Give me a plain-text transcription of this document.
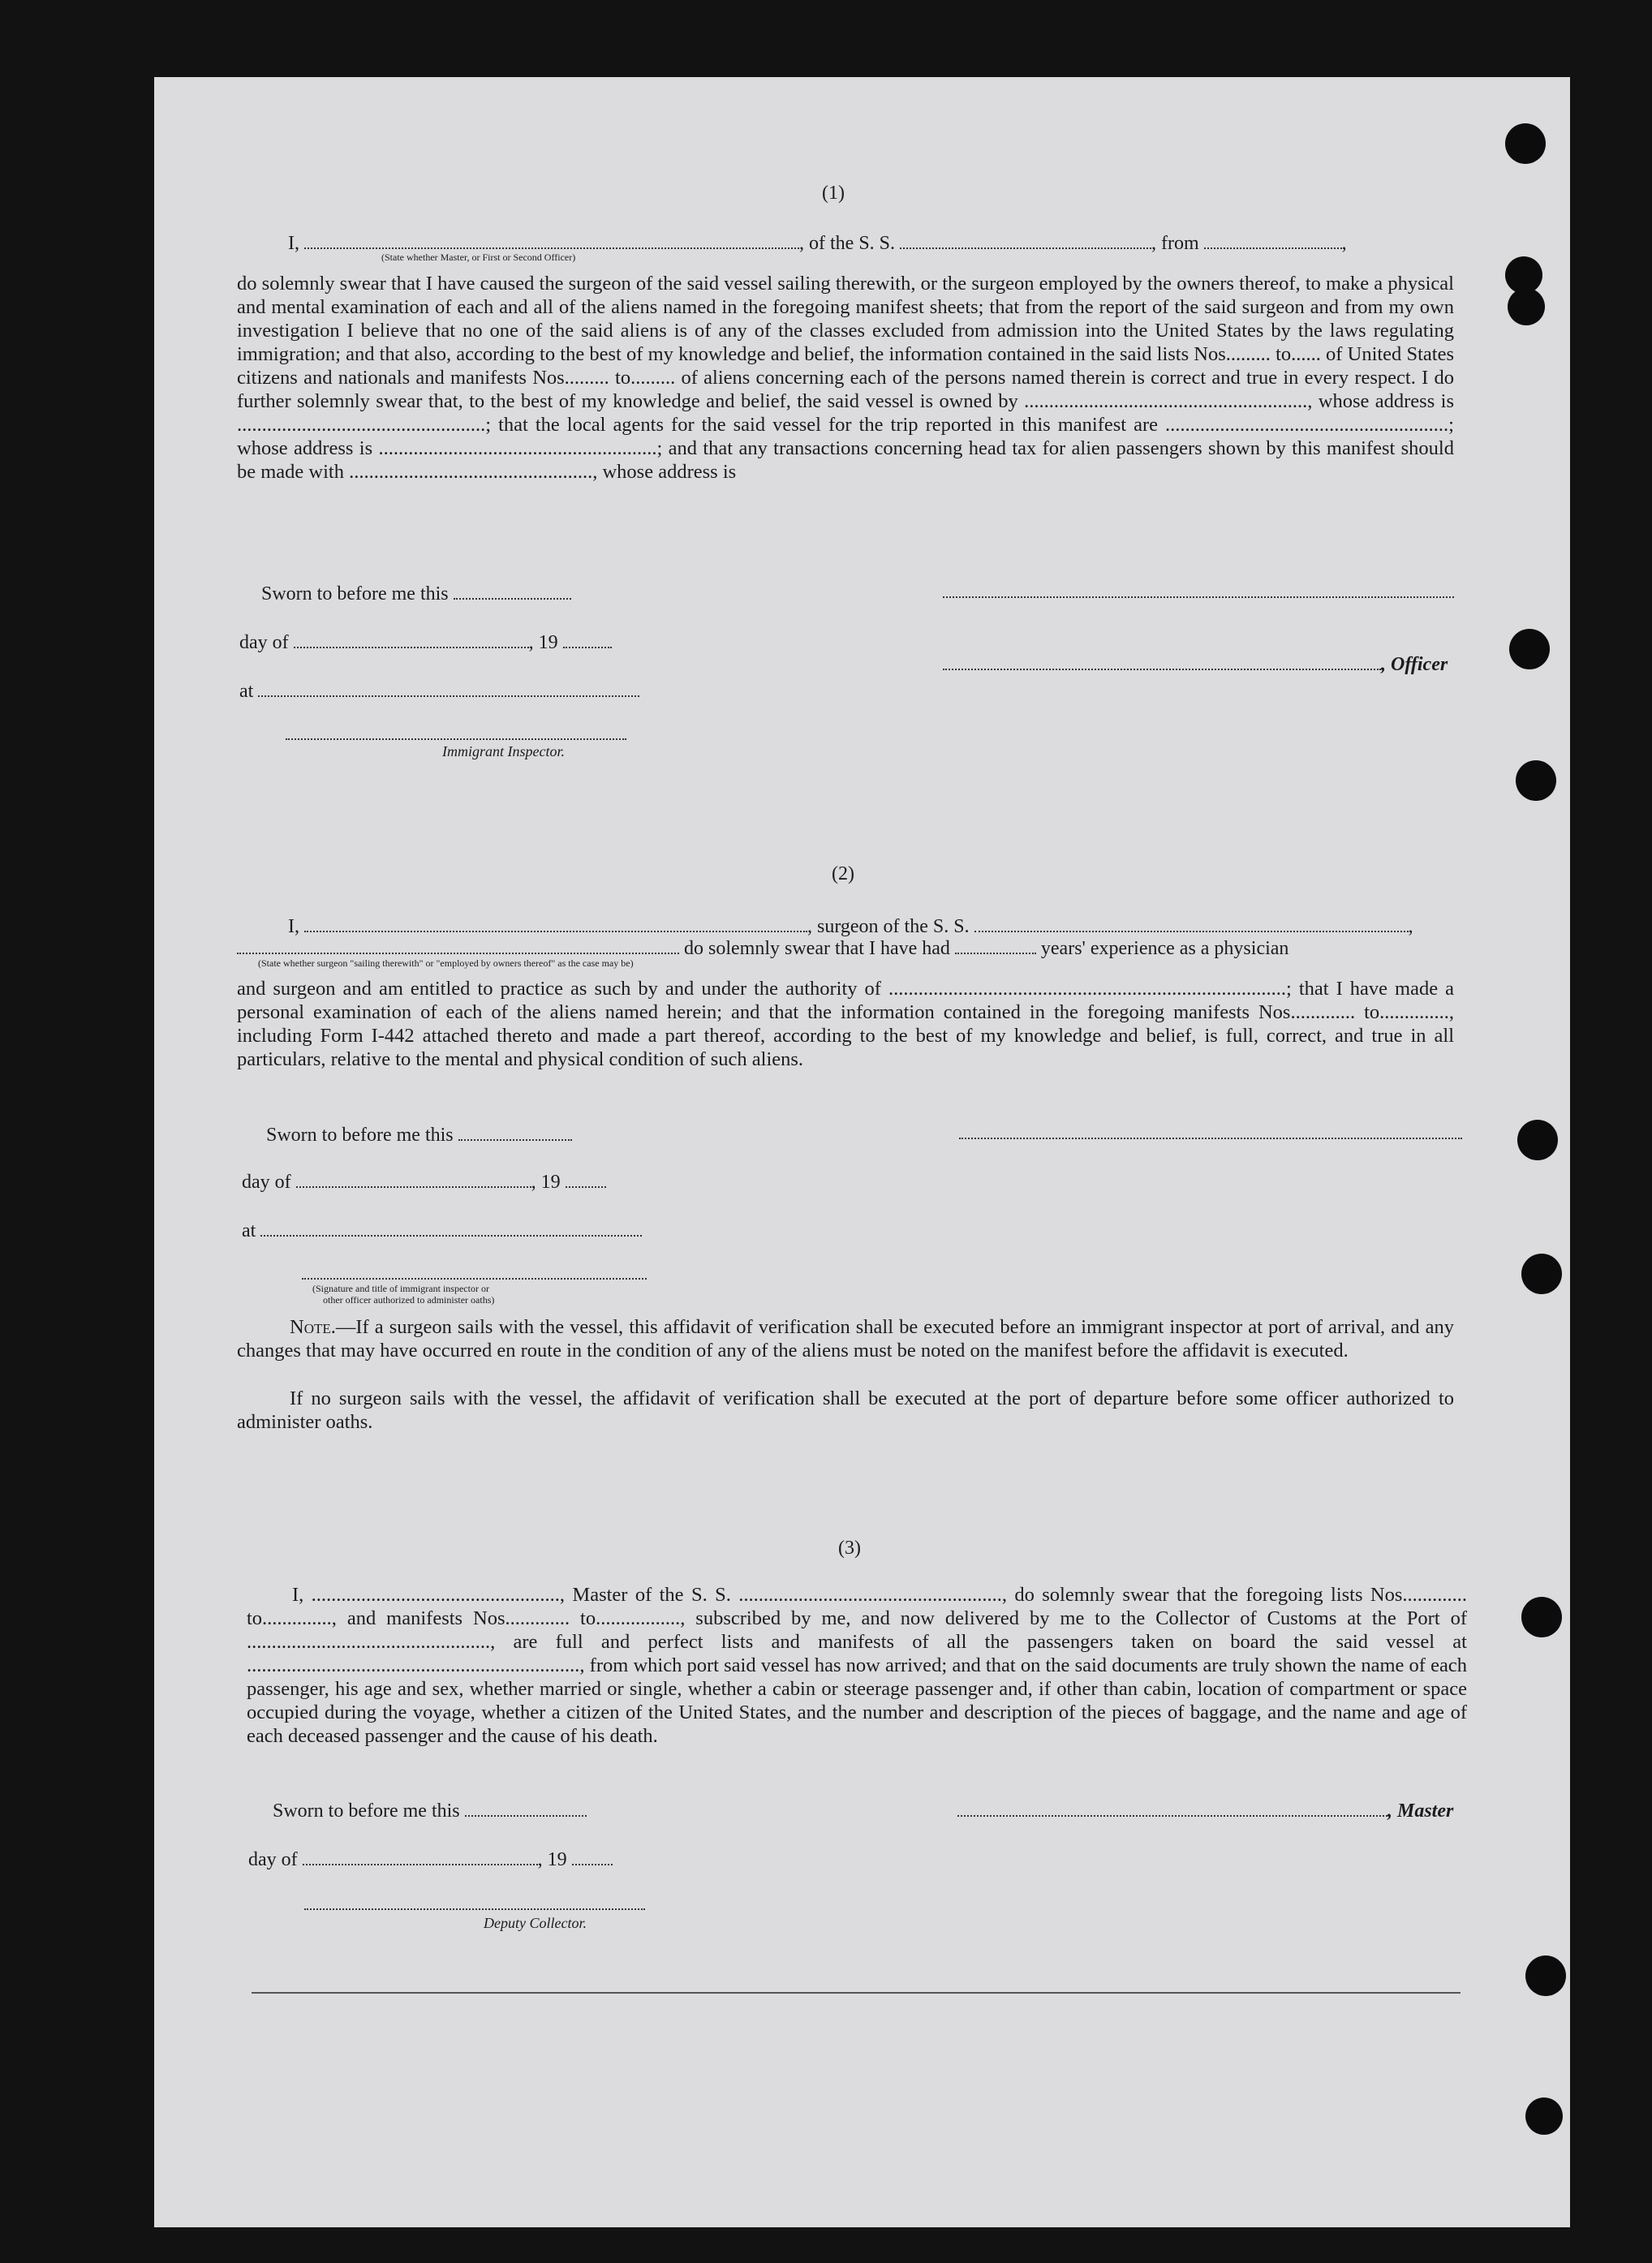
(1)
I,	, of the S. S.	, from	,
(State whether Master, or First or Second Officer)

do solemnly swear that I have caused the surgeon of the said vessel sailing therewith, or the surgeon employed by the owners thereof, to make a physical and mental examination of each and all of the aliens named in the foregoing manifest sheets; that from the report of the said surgeon and from my own investigation I believe that no one of the said aliens is of any of the classes excluded from admission into the United States by the laws regulating immigration; and that also, according to the best of my knowledge and belief, the information contained in the said lists Nos......... to...... of United States citizens and nationals and manifests Nos......... to......... of aliens concerning each of the persons named therein is correct and true in every respect. I do further solemnly swear that, to the best of my knowledge and belief, the said vessel is owned by ........................................................., whose address is ..................................................; that the local agents for the said vessel for the trip reported in this manifest are .........................................................; whose address is ........................................................; and that any transactions concerning head tax for alien passengers shown by this manifest should be made with ................................................., whose address is

Sworn to before me this
day of	, 19
, Officer
at
Immigrant Inspector.
(2)
I,	, surgeon of the S. S.	,
do solemnly swear that I have had	years' experience as a physician
(State whether surgeon "sailing therewith" or "employed by owners thereof" as the case may be)

and surgeon and am entitled to practice as such by and under the authority of ................................................................................; that I have made a personal examination of each of the aliens named herein; and that the information contained in the foregoing manifests Nos............. to.............., including Form I-442 attached thereto and made a part thereof, according to the best of my knowledge and belief, is full, correct, and true in all particulars, relative to the mental and physical condition of such aliens.

Sworn to before me this
day of	, 19
at
(Signature and title of immigrant inspector or
other officer authorized to administer oaths)

Note.—If a surgeon sails with the vessel, this affidavit of verification shall be executed before an immigrant inspector at port of arrival, and any changes that may have occurred en route in the condition of any of the aliens must be noted on the manifest before the affidavit is executed.

If no surgeon sails with the vessel, the affidavit of verification shall be executed at the port of departure before some officer authorized to administer oaths.

(3)

I, .................................................., Master of the S. S. ....................................................., do solemnly swear that the foregoing lists Nos............. to.............., and manifests Nos............. to................., subscribed by me, and now delivered by me to the Collector of Customs at the Port of ................................................., are full and perfect lists and manifests of all the passengers taken on board the said vessel at ..................................................................., from which port said vessel has now arrived; and that on the said documents are truly shown the name of each passenger, his age and sex, whether married or single, whether a cabin or steerage passenger and, if other than cabin, location of compartment or space occupied during the voyage, whether a citizen of the United States, and the number and description of the pieces of baggage, and the name and age of each deceased passenger and the cause of his death.

Sworn to before me this	, Master
day of	, 19
Deputy Collector.
